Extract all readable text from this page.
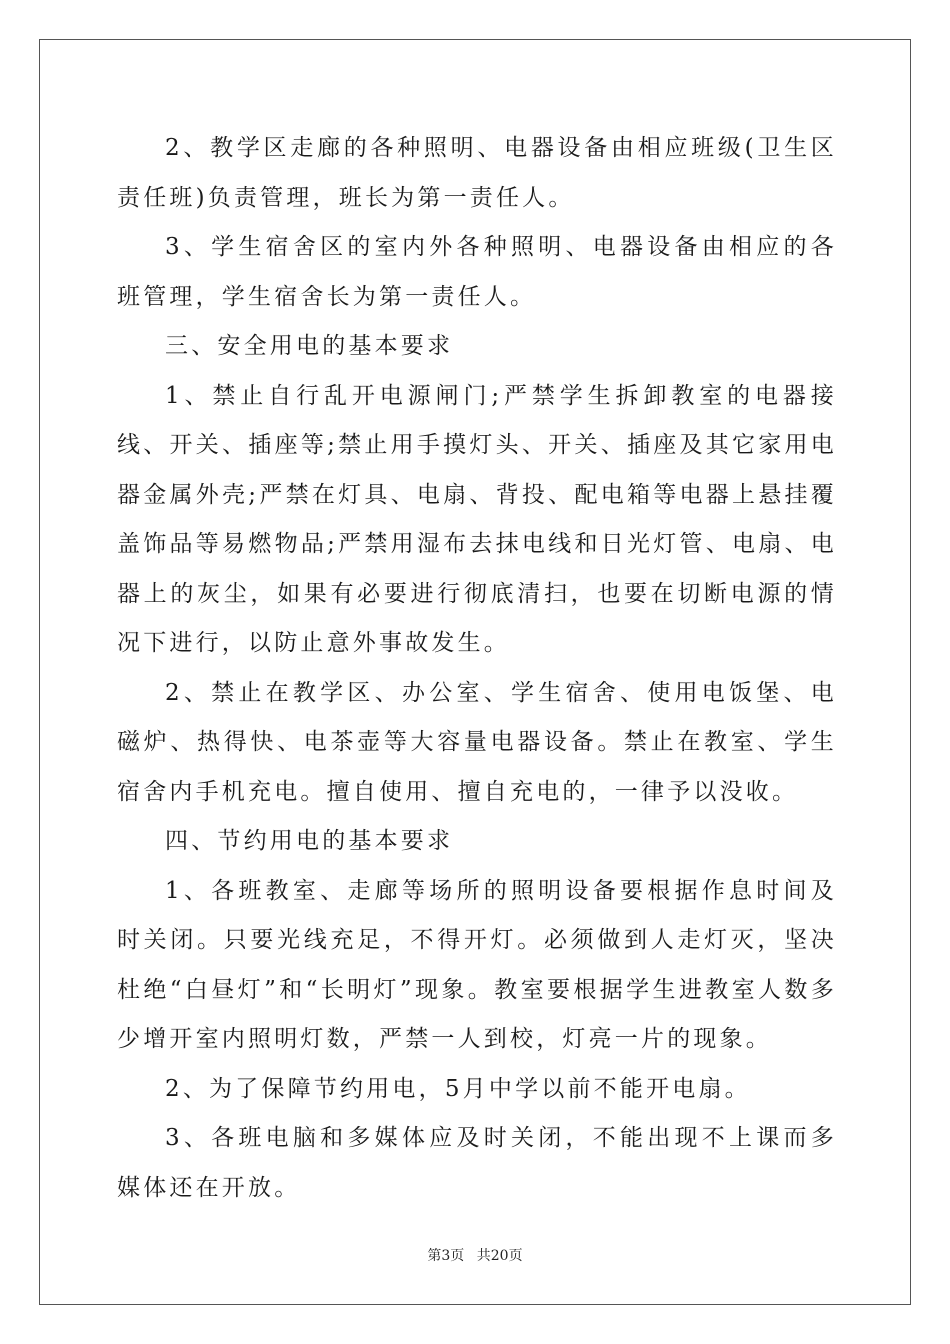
2、教学区走廊的各种照明、电器设备由相应班级(卫生区责任班)负责管理，班长为第一责任人。

3、学生宿舍区的室内外各种照明、电器设备由相应的各班管理，学生宿舍长为第一责任人。

三、安全用电的基本要求

1、禁止自行乱开电源闸门;严禁学生拆卸教室的电器接线、开关、插座等;禁止用手摸灯头、开关、插座及其它家用电器金属外壳;严禁在灯具、电扇、背投、配电箱等电器上悬挂覆盖饰品等易燃物品;严禁用湿布去抹电线和日光灯管、电扇、电器上的灰尘，如果有必要进行彻底清扫，也要在切断电源的情况下进行，以防止意外事故发生。

2、禁止在教学区、办公室、学生宿舍、使用电饭堡、电磁炉、热得快、电茶壶等大容量电器设备。禁止在教室、学生宿舍内手机充电。擅自使用、擅自充电的，一律予以没收。

四、节约用电的基本要求

1、各班教室、走廊等场所的照明设备要根据作息时间及时关闭。只要光线充足，不得开灯。必须做到人走灯灭，坚决杜绝“白昼灯”和“长明灯”现象。教室要根据学生进教室人数多少增开室内照明灯数，严禁一人到校，灯亮一片的现象。

2、为了保障节约用电，5月中学以前不能开电扇。

3、各班电脑和多媒体应及时关闭，不能出现不上课而多媒体还在开放。

第3页 共20页
